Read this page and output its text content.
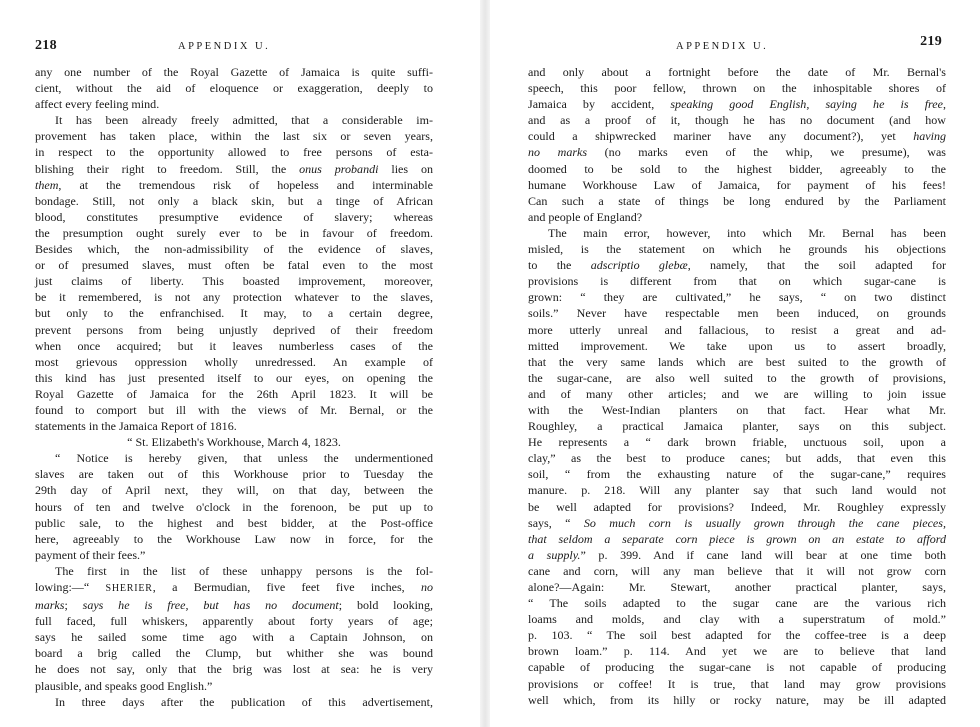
218	APPENDIX U.
any one number of the Royal Gazette of Jamaica is quite suffi-
cient, without the aid of eloquence or exaggeration, deeply to
affect every feeling mind.
It has been already freely admitted, that a considerable im-
provement has taken place, within the last six or seven years,
in respect to the opportunity allowed to free persons of esta-
blishing their right to freedom. Still, the onus probandi lies on
them, at the tremendous risk of hopeless and interminable
bondage. Still, not only a black skin, but a tinge of African
blood, constitutes presumptive evidence of slavery; whereas
the presumption ought surely ever to be in favour of freedom.
Besides which, the non-admissibility of the evidence of slaves,
or of presumed slaves, must often be fatal even to the most
just claims of liberty. This boasted improvement, moreover,
be it remembered, is not any protection whatever to the slaves,
but only to the enfranchised. It may, to a certain degree,
prevent persons from being unjustly deprived of their freedom
when once acquired; but it leaves numberless cases of the
most grievous oppression wholly unredressed. An example of
this kind has just presented itself to our eyes, on opening the
Royal Gazette of Jamaica for the 26th April 1823. It will be
found to comport but ill with the views of Mr. Bernal, or the
statements in the Jamaica Report of 1816.
“ St. Elizabeth's Workhouse, March 4, 1823.
“ Notice is hereby given, that unless the undermentioned
slaves are taken out of this Workhouse prior to Tuesday the
29th day of April next, they will, on that day, between the
hours of ten and twelve o'clock in the forenoon, be put up to
public sale, to the highest and best bidder, at the Post-office
here, agreeably to the Workhouse Law now in force, for the
payment of their fees.”
The first in the list of these unhappy persons is the fol-
lowing:—“ SHERIER, a Bermudian, five feet five inches, no
marks; says he is free, but has no document; bold looking,
full faced, full whiskers, apparently about forty years of age;
says he sailed some time ago with a Captain Johnson, on
board a brig called the Clump, but whither she was bound
he does not say, only that the brig was lost at sea: he is very
plausible, and speaks good English.”
In three days after the publication of this advertisement,
APPENDIX U.	219
and only about a fortnight before the date of Mr. Bernal's
speech, this poor fellow, thrown on the inhospitable shores of
Jamaica by accident, speaking good English, saying he is free,
and as a proof of it, though he has no document (and how
could a shipwrecked mariner have any document?), yet having
no marks (no marks even of the whip, we presume), was
doomed to be sold to the highest bidder, agreeably to the
humane Workhouse Law of Jamaica, for payment of his fees!
Can such a state of things be long endured by the Parliament
and people of England?
The main error, however, into which Mr. Bernal has been
misled, is the statement on which he grounds his objections
to the adscriptio glebæ, namely, that the soil adapted for
provisions is different from that on which sugar-cane is
grown: “ they are cultivated,” he says, “ on two distinct
soils.” Never have respectable men been induced, on grounds
more utterly unreal and fallacious, to resist a great and ad-
mitted improvement. We take upon us to assert broadly,
that the very same lands which are best suited to the growth of
the sugar-cane, are also well suited to the growth of provisions,
and of many other articles; and we are willing to join issue
with the West-Indian planters on that fact. Hear what Mr.
Roughley, a practical Jamaica planter, says on this subject.
He represents a “ dark brown friable, unctuous soil, upon a
clay,” as the best to produce canes; but adds, that even this
soil, “ from the exhausting nature of the sugar-cane,” requires
manure. p. 218. Will any planter say that such land would not
be well adapted for provisions? Indeed, Mr. Roughley expressly
says, “ So much corn is usually grown through the cane pieces,
that seldom a separate corn piece is grown on an estate to afford
a supply.” p. 399. And if cane land will bear at one time both
cane and corn, will any man believe that it will not grow corn
alone?—Again: Mr. Stewart, another practical planter, says,
“ The soils adapted to the sugar cane are the various rich
loams and molds, and clay with a superstratum of mold.”
p. 103. “ The soil best adapted for the coffee-tree is a deep
brown loam.” p. 114. And yet we are to believe that land
capable of producing the sugar-cane is not capable of producing
provisions or coffee! It is true, that land may grow provisions
well which, from its hilly or rocky nature, may be ill adapted
